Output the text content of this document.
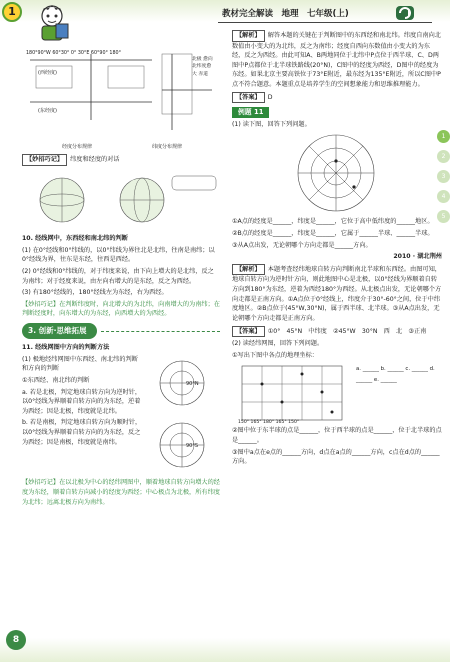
1	教材完全解读　地理　七年级(上)
180°90°W 60°30° 0° 30°E 60°90° 180°
(西经度)
(东经度)
北极 愈向北纬度愈大 赤道
经度分布规律	纬度分布规律
【妙招巧记】 纬度和经度的对话
10. 经线网中，东西经和南北纬的判断
(1) 在0°经线和0°纬线的，以0°纬线为界往北是北纬，往南是南纬；以0°经线为界，往东是东经，往西是西经。
(2) 0°经线和0°纬线的，对于纬度来说，由下向上增大的是北纬，反之为南纬；对于经度来说，由左向右增大的是东经，反之为西经。
(3) 有180°经线的，180°经线左为东经，右为西经。
【妙招巧记】在判断纬度时，向北增大的为北纬，向南增大的为南纬；在判断经度时，向东增大的为东经，向西增大的为西经。
3. 创新·思维拓展
11. 经线网图中方向的判断方法
(1) 极地经纬网图中东西经、南北纬的判断和方向的判断
①东西经、南北纬的判断
a. 若是北极，判定地球自转方向为逆时针，以0°经线为界顺着自转方向的为东经，逆着为西经；因是北极，纬度就是北纬。
b. 若是南极，判定地球自转方向为顺时针，以0°经线为界顺着自转方向的为东经，反之为西经；因是南极，纬度就是南纬。
90°N
90°S
【妙招巧记】在以北极为中心的经纬网图中，顺着地球自转方向增大的经度为东经，顺着自转方向减小的经度为西经；中心极点为北极，所有纬度为北纬；远离北极方向为南纬。
【解析】 解答本题的关键在于判断图中的东西经和南北纬。纬度自南向北数值由小变大的为北纬，反之为南纬；经度自西向东数值由小变大的为东经，反之为西经。由此可知A、B两地同位于北纬中P点位于西半球、C、D两图中P点都位于北半球铁路线(20°N)，C图中的经度为西经，D图中的经度为东经。如果北京主要高铁位于73°E附近，最东经为135°E附近，所以C图中P点不符合题意。本题重点是培养学生的空间想象能力和思维推理能力。
【答案】 D
例题 11
(1) 读下图，回答下列问题。
①A点的经度是______，纬度是______，它位于高中低纬度的______地区。
②B点的经度是______，纬度是______，它属于______半球、______半球。
③从A点出发，无论朝哪个方向走都是______方向。
2010 · 湖北荆州
【解析】 本题考查经纬地球自转方向判断南北半球和东西经。由图可知，地球自转方向为逆时针方向，则此地图中心是北极，以0°经线为界顺着自转方向到180°为东经，逆着为西经180°为西经。从北极点出发，无论朝哪个方向走都是正南方向。①A点位于0°经线上，纬度介于30°-60°之间，位于中纬度地区。②B点位于(45°W,30°N)，属于西半球、北半球。③从A点出发，无论朝哪个方向走都是正南方向。
【答案】 ①0°　45°N　中纬度　②45°W　30°N　西　北　③正南
(2) 读经纬网图，回答下列问题。
①写出下图中各点的地理坐标：
150° 165° 180° 165° 150°
a. ______ b. ______ c. ______ d. ______ e. ______
②图中位于东半球的点是______，位于西半球的点是______，位于北半球的点是______。
③图中a点在e点的______方向，d点在a点的______方向，c点在d点的______方向。
1
2
3
4
5
8
